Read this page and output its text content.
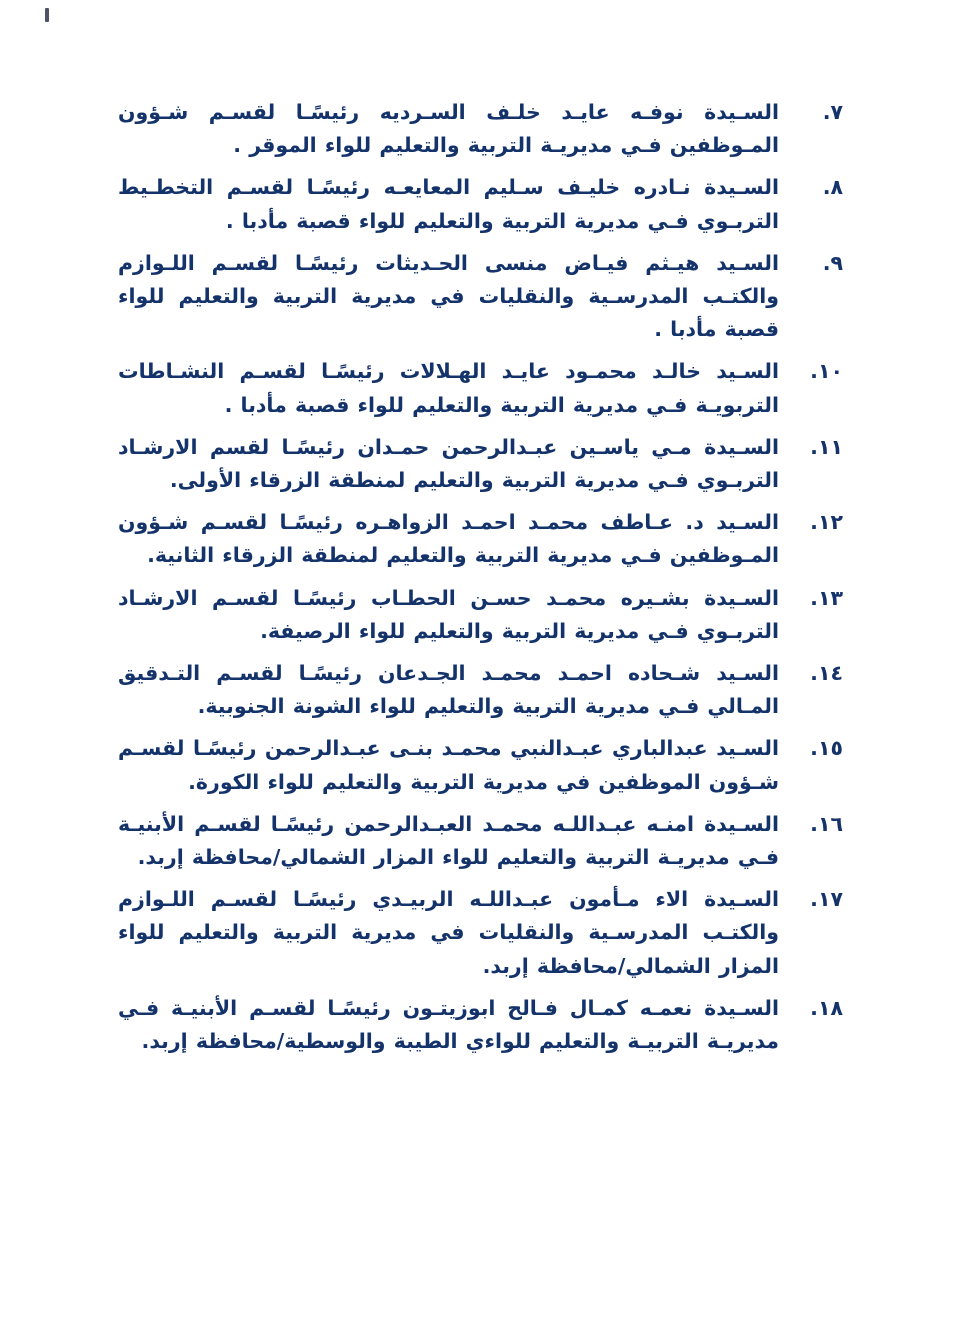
٧.
السـيدة نوفـه عايـد خلـف السـرديه رئيسًـا لقسـم شـؤون المـوظفين فـي مديريـة التربية والتعليم للواء الموقر .
٨.
السـيدة نـادره خليـف سـليم المعايعـه رئيسًـا لقسـم التخطـيط التربـوي فـي مديرية التربية والتعليم للواء قصبة مأدبا .
٩.
السـيد هيـثم فيـاض منسى الحـديثات رئيسًـا لقسـم اللـوازم والكتـب المدرسـية والنقليات في مديرية التربية والتعليم للواء قصبة مأدبا .
١٠.
السـيد خالـد محمـود عايـد الهـلالات رئيسًـا لقسـم النشـاطات التربويـة فـي مديرية التربية والتعليم للواء قصبة مأدبا .
١١.
السـيدة مـي ياسـين عبـدالرحمن حمـدان رئيسًـا لقسم الارشـاد التربـوي فـي مديرية التربية والتعليم لمنطقة الزرقاء الأولى.
١٢.
السـيد د. عـاطف محمـد احمـد الزواهـره رئيسًـا لقسـم شـؤون المـوظفين فـي مديرية التربية والتعليم لمنطقة الزرقاء الثانية.
١٣.
السـيدة بشـيره محمـد حسـن الحطـاب رئيسًـا لقسـم الارشـاد التربـوي فـي مديرية التربية والتعليم للواء الرصيفة.
١٤.
السـيد شـحاده احمـد محمـد الجـدعان رئيسًـا لقسـم التـدقيق المـالي فـي مديرية التربية والتعليم للواء الشونة الجنوبية.
١٥.
السـيد عبدالباري عبـدالنبي محمـد بنـى عبـدالرحمن رئيسًـا لقسـم شـؤون الموظفين في مديرية التربية والتعليم للواء الكورة.
١٦.
السـيدة امنـه عبـداللـه محمـد العبـدالرحمن رئيسًـا لقسـم الأبنيـة فـي مديريـة التربية والتعليم للواء المزار الشمالي/محافظة إربد.
١٧.
السـيدة الاء مـأمون عبـداللـه الربيـدي رئيسًـا لقسـم اللـوازم والكتـب المدرسـية والنقليات في مديرية التربية والتعليم للواء المزار الشمالي/محافظة إربد.
١٨.
السـيدة نعمـه كمـال فـالح ابوزيتـون رئيسًـا لقسـم الأبنيـة فـي مديريـة التربيـة والتعليم للواءي الطيبة والوسطية/محافظة إربد.
